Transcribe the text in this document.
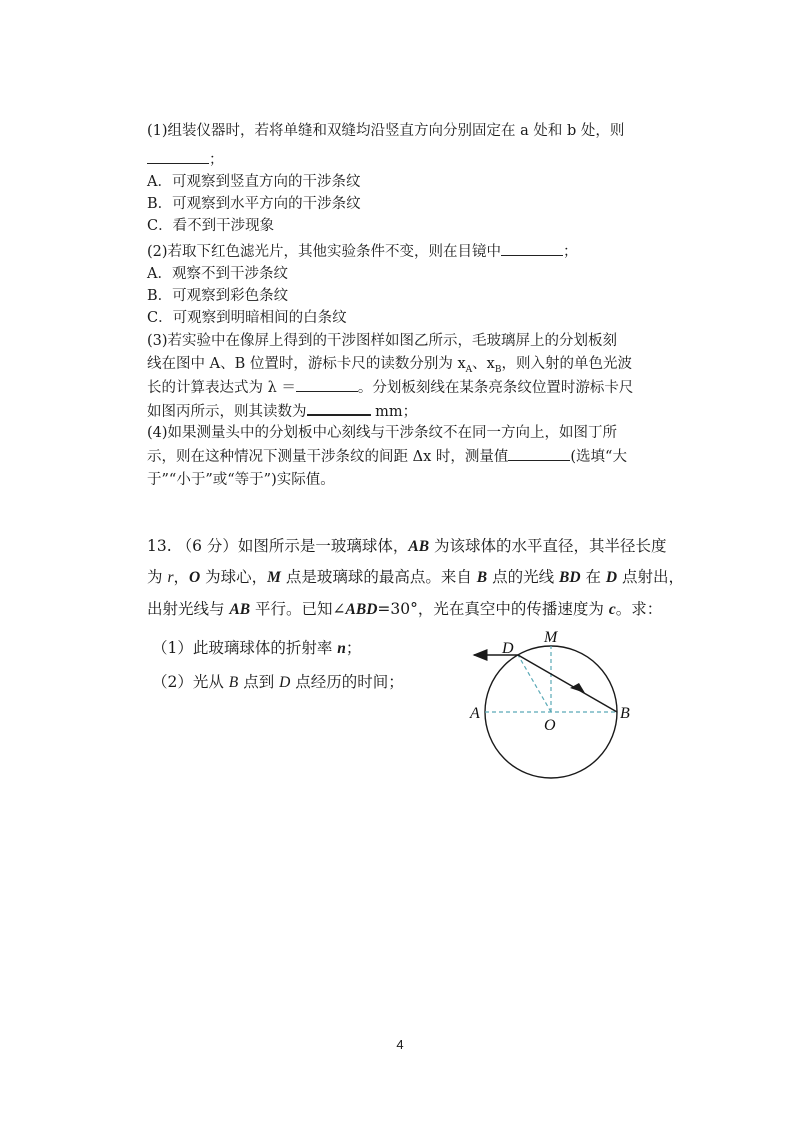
(1)组装仪器时，若将单缝和双缝均沿竖直方向分别固定在 a 处和 b 处，则
；
A．可观察到竖直方向的干涉条纹
B．可观察到水平方向的干涉条纹
C．看不到干涉现象
(2)若取下红色滤光片，其他实验条件不变，则在目镜中	；
A．观察不到干涉条纹
B．可观察到彩色条纹
C．可观察到明暗相间的白条纹
(3)若实验中在像屏上得到的干涉图样如图乙所示，毛玻璃屏上的分划板刻
线在图中 A、B 位置时，游标卡尺的读数分别为 $x_A$、$x_B$，则入射的单色光波
长的计算表达式为 λ ＝	。分划板刻线在某条亮条纹位置时游标卡尺
如图丙所示，则其读数为	mm；
(4)如果测量头中的分划板中心刻线与干涉条纹不在同一方向上，如图丁所
示，则在这种情况下测量干涉条纹的间距 Δx 时，测量值	(选填“大
于”“小于”或“等于”)实际值。
13. （6 分）如图所示是一玻璃球体，AB 为该球体的水平直径，其半径长度
为 r，O 为球心，M 点是玻璃球的最高点。来自 B 点的光线 BD 在 D 点射出，
出射光线与 AB 平行。已知∠ABD=30°，光在真空中的传播速度为 c。求：
（1）此玻璃球体的折射率 n；
（2）光从 B 点到 D 点经历的时间；
D
M
A
O
B
4
